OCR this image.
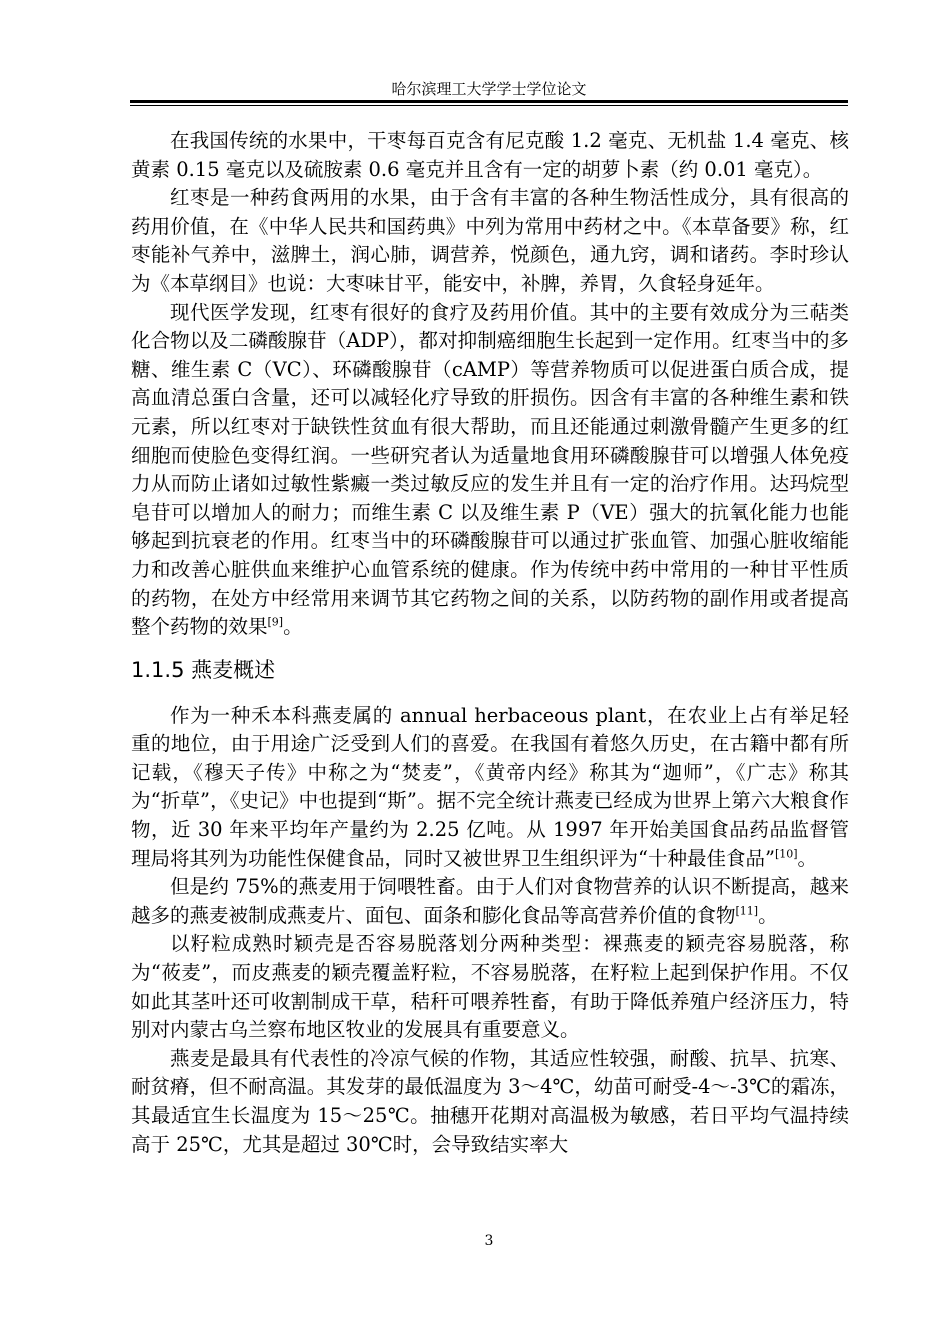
哈尔滨理工大学学士学位论文

在我国传统的水果中，干枣每百克含有尼克酸 1.2 毫克、无机盐 1.4 毫克、核黄素 0.15 毫克以及硫胺素 0.6 毫克并且含有一定的胡萝卜素（约 0.01 毫克）。

红枣是一种药食两用的水果，由于含有丰富的各种生物活性成分，具有很高的药用价值，在《中华人民共和国药典》中列为常用中药材之中。《本草备要》称，红枣能补气养中，滋脾土，润心肺，调营养，悦颜色，通九窍，调和诸药。李时珍认为《本草纲目》也说：大枣味甘平，能安中，补脾，养胃，久食轻身延年。

现代医学发现，红枣有很好的食疗及药用价值。其中的主要有效成分为三萜类化合物以及二磷酸腺苷（ADP），都对抑制癌细胞生长起到一定作用。红枣当中的多糖、维生素 C（VC）、环磷酸腺苷（cAMP）等营养物质可以促进蛋白质合成，提高血清总蛋白含量，还可以减轻化疗导致的肝损伤。因含有丰富的各种维生素和铁元素，所以红枣对于缺铁性贫血有很大帮助，而且还能通过刺激骨髓产生更多的红细胞而使脸色变得红润。一些研究者认为适量地食用环磷酸腺苷可以增强人体免疫力从而防止诸如过敏性紫癜一类过敏反应的发生并且有一定的治疗作用。达玛烷型皂苷可以增加人的耐力；而维生素 C 以及维生素 P（VE）强大的抗氧化能力也能够起到抗衰老的作用。红枣当中的环磷酸腺苷可以通过扩张血管、加强心脏收缩能力和改善心脏供血来维护心血管系统的健康。作为传统中药中常用的一种甘平性质的药物，在处方中经常用来调节其它药物之间的关系，以防药物的副作用或者提高整个药物的效果[9]。

1.1.5 燕麦概述

作为一种禾本科燕麦属的 annual herbaceous plant，在农业上占有举足轻重的地位，由于用途广泛受到人们的喜爱。在我国有着悠久历史，在古籍中都有所记载，《穆天子传》中称之为“焚麦”，《黄帝内经》称其为“迦师”，《广志》称其为“折草”，《史记》中也提到“斯”。据不完全统计燕麦已经成为世界上第六大粮食作物，近 30 年来平均年产量约为 2.25 亿吨。从 1997 年开始美国食品药品监督管理局将其列为功能性保健食品，同时又被世界卫生组织评为“十种最佳食品”[10]。

但是约 75%的燕麦用于饲喂牲畜。由于人们对食物营养的认识不断提高，越来越多的燕麦被制成燕麦片、面包、面条和膨化食品等高营养价值的食物[11]。

以籽粒成熟时颖壳是否容易脱落划分两种类型：裸燕麦的颖壳容易脱落，称为“莜麦”，而皮燕麦的颖壳覆盖籽粒，不容易脱落，在籽粒上起到保护作用。不仅如此其茎叶还可收割制成干草，秸秆可喂养牲畜，有助于降低养殖户经济压力，特别对内蒙古乌兰察布地区牧业的发展具有重要意义。

燕麦是最具有代表性的冷凉气候的作物，其适应性较强，耐酸、抗旱、抗寒、耐贫瘠，但不耐高温。其发芽的最低温度为 3～4℃，幼苗可耐受-4～-3℃的霜冻，其最适宜生长温度为 15～25℃。抽穗开花期对高温极为敏感，若日平均气温持续高于 25℃，尤其是超过 30℃时，会导致结实率大

3
